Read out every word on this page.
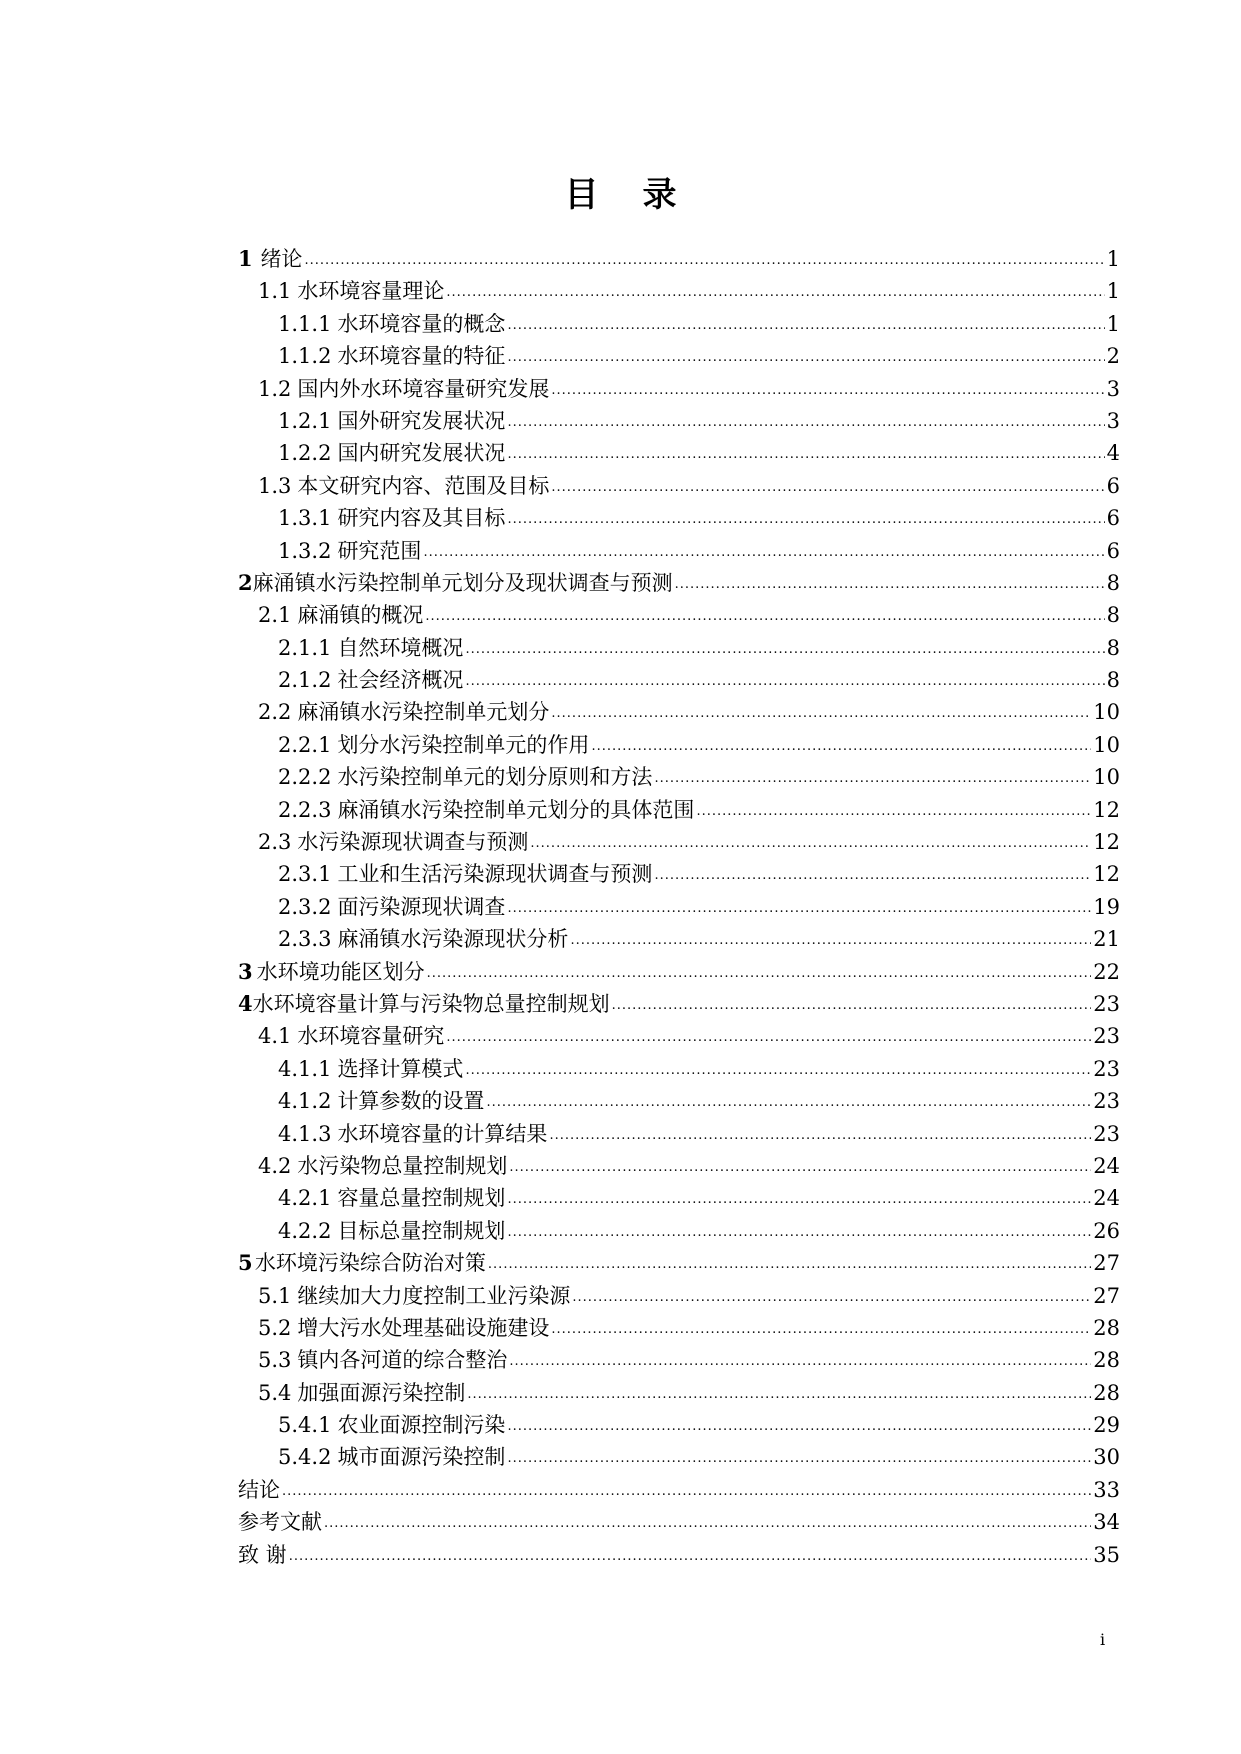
目录
1 绪论 .....	1
1.1 水环境容量理论 .....	1
1.1.1 水环境容量的概念 .....	1
1.1.2 水环境容量的特征 .....	2
1.2 国内外水环境容量研究发展 .....	3
1.2.1 国外研究发展状况 .....	3
1.2.2 国内研究发展状况 .....	4
1.3 本文研究内容、范围及目标 .....	6
1.3.1 研究内容及其目标 .....	6
1.3.2 研究范围 .....	6
2 麻涌镇水污染控制单元划分及现状调查与预测 .....	8
2.1 麻涌镇的概况 .....	8
2.1.1 自然环境概况 .....	8
2.1.2 社会经济概况 .....	8
2.2 麻涌镇水污染控制单元划分 .....	10
2.2.1 划分水污染控制单元的作用 .....	10
2.2.2 水污染控制单元的划分原则和方法 .....	10
2.2.3 麻涌镇水污染控制单元划分的具体范围 .....	12
2.3 水污染源现状调查与预测 .....	12
2.3.1 工业和生活污染源现状调查与预测 .....	12
2.3.2 面污染源现状调查 .....	19
2.3.3 麻涌镇水污染源现状分析 .....	21
3 水环境功能区划分 .....	22
4 水环境容量计算与污染物总量控制规划 .....	23
4.1 水环境容量研究 .....	23
4.1.1 选择计算模式 .....	23
4.1.2 计算参数的设置 .....	23
4.1.3 水环境容量的计算结果 .....	23
4.2 水污染物总量控制规划 .....	24
4.2.1 容量总量控制规划 .....	24
4.2.2 目标总量控制规划 .....	26
5 水环境污染综合防治对策 .....	27
5.1 继续加大力度控制工业污染源 .....	27
5.2 增大污水处理基础设施建设 .....	28
5.3 镇内各河道的综合整治 .....	28
5.4 加强面源污染控制 .....	28
5.4.1 农业面源控制污染 .....	29
5.4.2 城市面源污染控制 .....	30
结论 .....	33
参考文献 .....	34
致 谢 .....	35
i
